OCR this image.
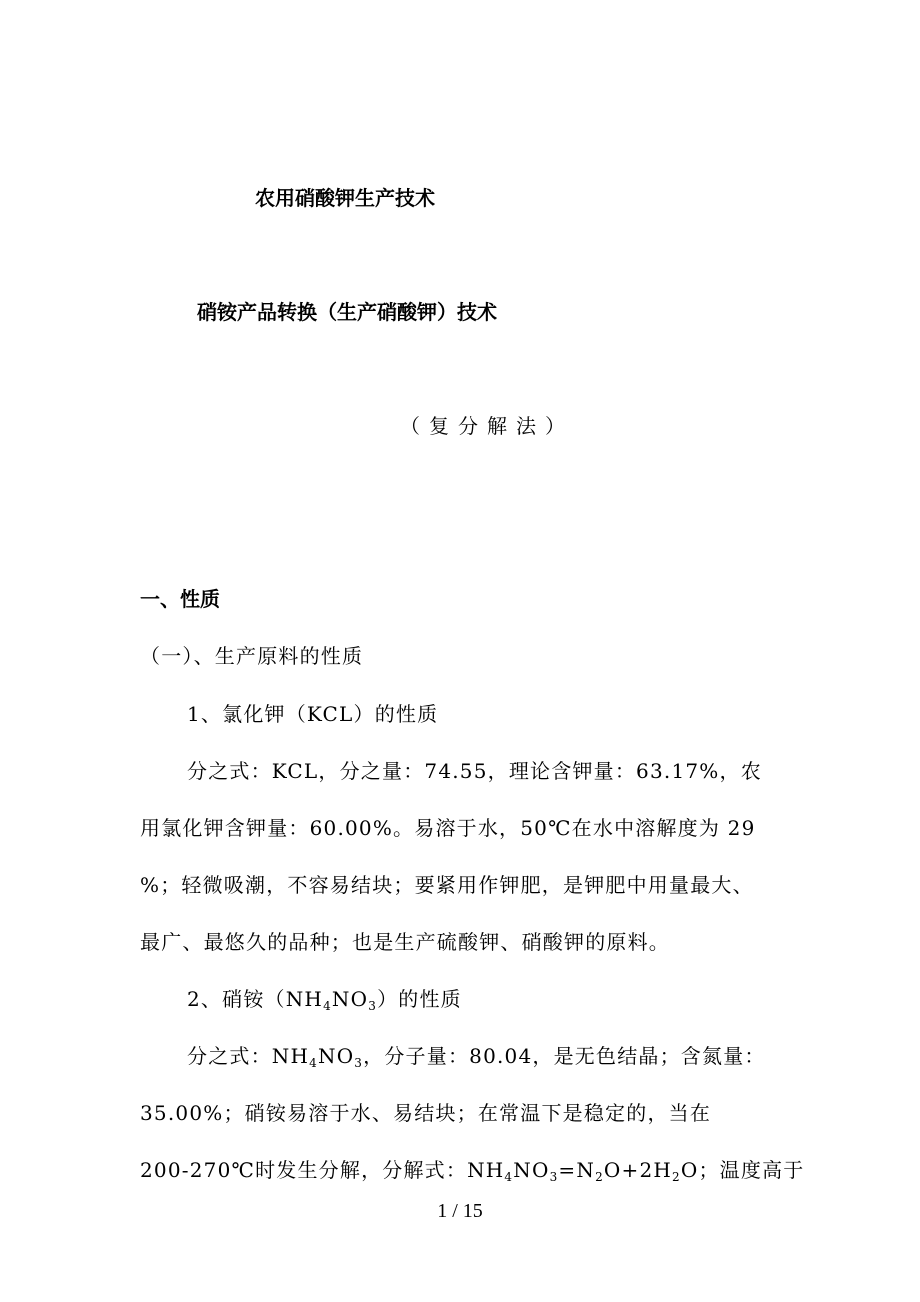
农用硝酸钾生产技术
硝铵产品转换（生产硝酸钾）技术
（复分解法）
一、性质
（一）、生产原料的性质
1、氯化钾（KCL）的性质
分之式：KCL，分之量：74.55，理论含钾量：63.17%，农
用氯化钾含钾量：60.00%。易溶于水，50℃在水中溶解度为 29
%；轻微吸潮，不容易结块；要紧用作钾肥，是钾肥中用量最大、
最广、最悠久的品种；也是生产硫酸钾、硝酸钾的原料。
2、硝铵$(NH_4NO_3)$的性质
分之式：$NH_4NO_3$，分子量：80.04，是无色结晶；含氮量：
35.00%；硝铵易溶于水、易结块；在常温下是稳定的，当在
200-270℃时发生分解，分解式：$NH_4NO_3=N_2O+2H_2O$；温度高于
1 / 15
